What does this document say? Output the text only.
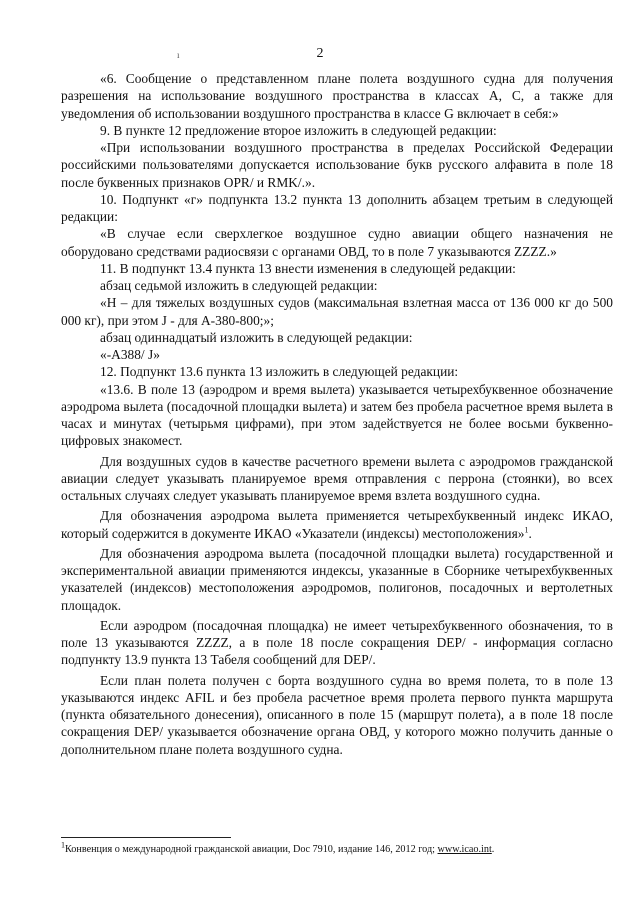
2
ı

«6. Сообщение о представленном плане полета воздушного судна для получения разрешения на использование воздушного пространства в классах А, С, а также для уведомления об использовании воздушного пространства в классе G включает в себя:»

9. В пункте 12 предложение второе изложить в следующей редакции:

«При использовании воздушного пространства в пределах Российской Федерации российскими пользователями допускается использование букв русского алфавита в поле 18 после буквенных признаков OPR/ и RMK/.».

10. Подпункт «г» подпункта 13.2 пункта 13 дополнить абзацем третьим в следующей редакции:

«В случае если сверхлегкое воздушное судно авиации общего назначения не оборудовано средствами радиосвязи с органами ОВД, то в поле 7 указываются ZZZZ.»

11. В подпункт 13.4 пункта 13 внести изменения в следующей редакции:

абзац седьмой изложить в следующей редакции:

«Н – для тяжелых воздушных судов (максимальная взлетная масса от 136 000 кг до 500 000 кг), при этом J - для А-380-800;»;

абзац одиннадцатый изложить в следующей редакции:

«-А388/ J»

12. Подпункт 13.6 пункта 13 изложить в следующей редакции:

«13.6. В поле 13 (аэродром и время вылета) указывается четырехбуквенное обозначение аэродрома вылета (посадочной площадки вылета) и затем без пробела расчетное время вылета в часах и минутах (четырьмя цифрами), при этом задействуется не более восьми буквенно-цифровых знакомест.

Для воздушных судов в качестве расчетного времени вылета с аэродромов гражданской авиации следует указывать планируемое время отправления с перрона (стоянки), во всех остальных случаях следует указывать планируемое время взлета воздушного судна.

Для обозначения аэродрома вылета применяется четырехбуквенный индекс ИКАО, который содержится в документе ИКАО «Указатели (индексы) местоположения»$^1$.

Для обозначения аэродрома вылета (посадочной площадки вылета) государственной и экспериментальной авиации применяются индексы, указанные в Сборнике четырехбуквенных указателей (индексов) местоположения аэродромов, полигонов, посадочных и вертолетных площадок.

Если аэродром (посадочная площадка) не имеет четырехбуквенного обозначения, то в поле 13 указываются ZZZZ, а в поле 18 после сокращения DEP/ - информация согласно подпункту 13.9 пункта 13 Табеля сообщений для DEP/.

Если план полета получен с борта воздушного судна во время полета, то в поле 13 указываются индекс AFIL и без пробела расчетное время пролета первого пункта маршрута (пункта обязательного донесения), описанного в поле 15 (маршрут полета), а в поле 18 после сокращения DEP/ указывается обозначение органа ОВД, у которого можно получить данные о дополнительном плане полета воздушного судна.

$^1$Конвенция о международной гражданской авиации, Doc 7910, издание 146, 2012 год; www.icao.int.
